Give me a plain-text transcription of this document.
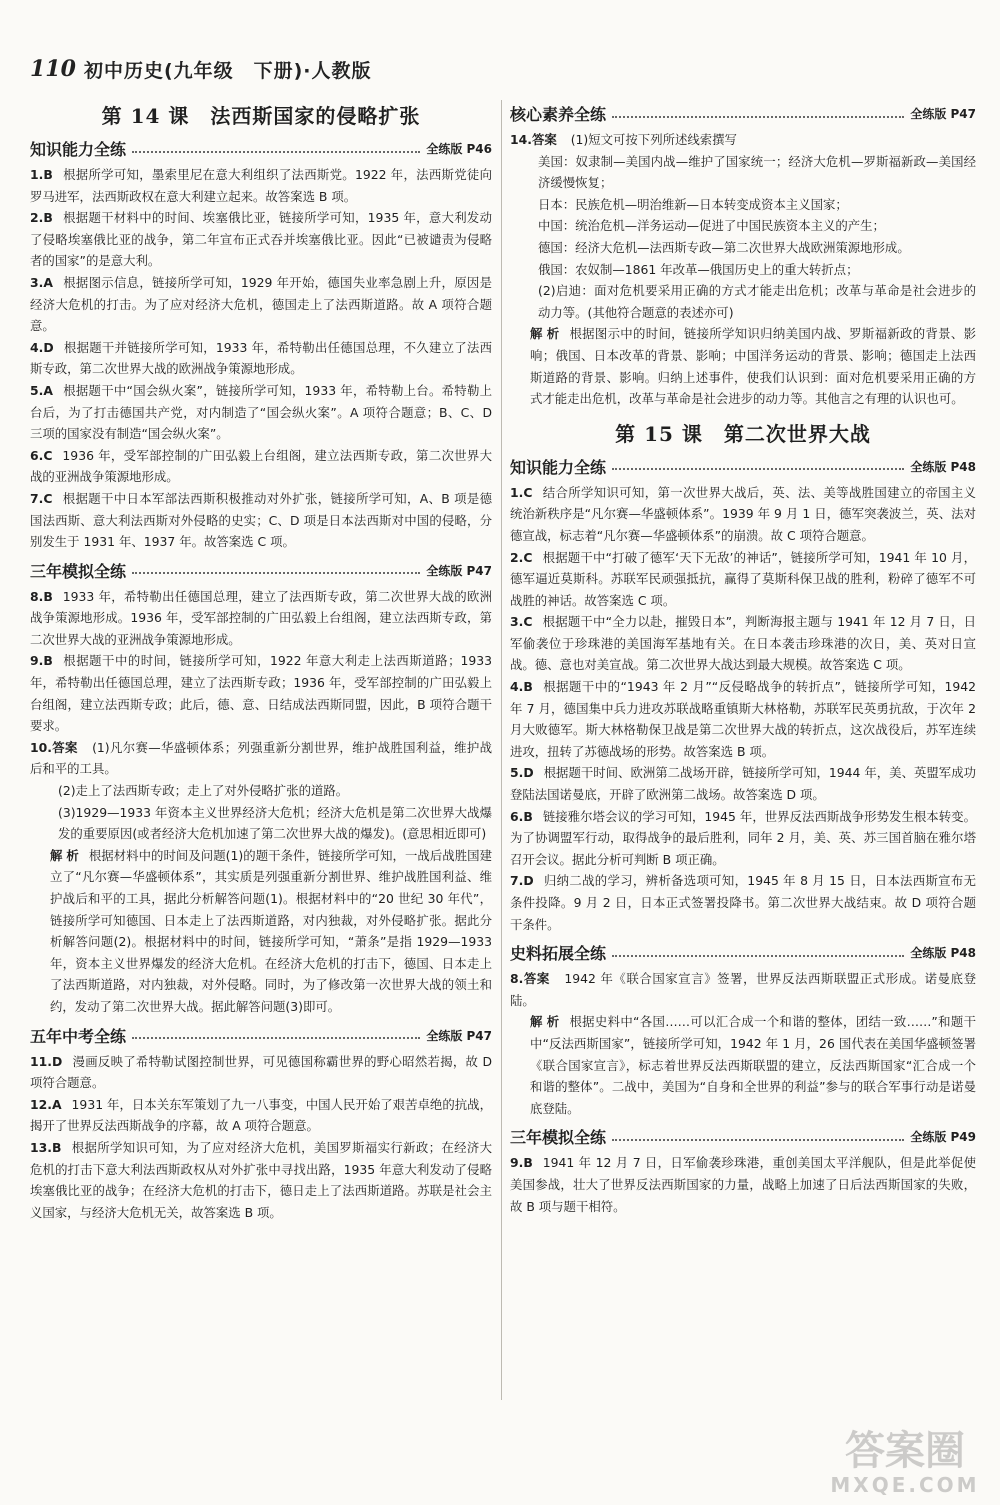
110 初中历史(九年级　下册)·人教版
第 14 课　法西斯国家的侵略扩张
知识能力全练	全练版 P46

1.B 根据所学可知，墨索里尼在意大利组织了法西斯党。1922 年，法西斯党徒向罗马进军，法西斯政权在意大利建立起来。故答案选 B 项。

2.B 根据题干材料中的时间、埃塞俄比亚，链接所学可知，1935 年，意大利发动了侵略埃塞俄比亚的战争，第二年宣布正式吞并埃塞俄比亚。因此“已被谴责为侵略者的国家”的是意大利。

3.A 根据图示信息，链接所学可知，1929 年开始，德国失业率急剧上升，原因是经济大危机的打击。为了应对经济大危机，德国走上了法西斯道路。故 A 项符合题意。

4.D 根据题干并链接所学可知，1933 年，希特勒出任德国总理，不久建立了法西斯专政，第二次世界大战的欧洲战争策源地形成。

5.A 根据题干中“国会纵火案”，链接所学可知，1933 年，希特勒上台。希特勒上台后，为了打击德国共产党，对内制造了“国会纵火案”。A 项符合题意；B、C、D 三项的国家没有制造“国会纵火案”。

6.C 1936 年，受军部控制的广田弘毅上台组阁，建立法西斯专政，第二次世界大战的亚洲战争策源地形成。

7.C 根据题干中日本军部法西斯积极推动对外扩张，链接所学可知，A、B 项是德国法西斯、意大利法西斯对外侵略的史实；C、D 项是日本法西斯对中国的侵略，分别发生于 1931 年、1937 年。故答案选 C 项。

三年模拟全练	全练版 P47

8.B 1933 年，希特勒出任德国总理，建立了法西斯专政，第二次世界大战的欧洲战争策源地形成。1936 年，受军部控制的广田弘毅上台组阁，建立法西斯专政，第二次世界大战的亚洲战争策源地形成。

9.B 根据题干中的时间，链接所学可知，1922 年意大利走上法西斯道路；1933 年，希特勒出任德国总理，建立了法西斯专政；1936 年，受军部控制的广田弘毅上台组阁，建立法西斯专政；此后，德、意、日结成法西斯同盟，因此，B 项符合题干要求。

10.答案 (1)凡尔赛—华盛顿体系；列强重新分割世界，维护战胜国利益，维护战后和平的工具。

(2)走上了法西斯专政；走上了对外侵略扩张的道路。

(3)1929—1933 年资本主义世界经济大危机；经济大危机是第二次世界大战爆发的重要原因(或者经济大危机加速了第二次世界大战的爆发)。(意思相近即可)

解析 根据材料中的时间及问题(1)的题干条件，链接所学可知，一战后战胜国建立了“凡尔赛—华盛顿体系”，其实质是列强重新分割世界、维护战胜国利益、维护战后和平的工具，据此分析解答问题(1)。根据材料中的“20 世纪 30 年代”，链接所学可知德国、日本走上了法西斯道路，对内独裁，对外侵略扩张。据此分析解答问题(2)。根据材料中的时间，链接所学可知，“萧条”是指 1929—1933 年，资本主义世界爆发的经济大危机。在经济大危机的打击下，德国、日本走上了法西斯道路，对内独裁，对外侵略。同时，为了修改第一次世界大战的领土和约，发动了第二次世界大战。据此解答问题(3)即可。

五年中考全练	全练版 P47

11.D 漫画反映了希特勒试图控制世界，可见德国称霸世界的野心昭然若揭，故 D 项符合题意。

12.A 1931 年，日本关东军策划了九一八事变，中国人民开始了艰苦卓绝的抗战，揭开了世界反法西斯战争的序幕，故 A 项符合题意。

13.B 根据所学知识可知，为了应对经济大危机，美国罗斯福实行新政；在经济大危机的打击下意大利法西斯政权从对外扩张中寻找出路，1935 年意大利发动了侵略埃塞俄比亚的战争；在经济大危机的打击下，德日走上了法西斯道路。苏联是社会主义国家，与经济大危机无关，故答案选 B 项。

核心素养全练	全练版 P47

14.答案 (1)短文可按下列所述线索撰写

美国：奴隶制—美国内战—维护了国家统一；经济大危机—罗斯福新政—美国经济缓慢恢复；

日本：民族危机—明治维新—日本转变成资本主义国家；

中国：统治危机—洋务运动—促进了中国民族资本主义的产生；

德国：经济大危机—法西斯专政—第二次世界大战欧洲策源地形成。

俄国：农奴制—1861 年改革—俄国历史上的重大转折点；

(2)启迪：面对危机要采用正确的方式才能走出危机；改革与革命是社会进步的动力等。(其他符合题意的表述亦可)

解析 根据图示中的时间，链接所学知识归纳美国内战、罗斯福新政的背景、影响；俄国、日本改革的背景、影响；中国洋务运动的背景、影响；德国走上法西斯道路的背景、影响。归纳上述事件，使我们认识到：面对危机要采用正确的方式才能走出危机，改革与革命是社会进步的动力等。其他言之有理的认识也可。

第 15 课　第二次世界大战
知识能力全练	全练版 P48

1.C 结合所学知识可知，第一次世界大战后，英、法、美等战胜国建立的帝国主义统治新秩序是“凡尔赛—华盛顿体系”。1939 年 9 月 1 日，德军突袭波兰，英、法对德宣战，标志着“凡尔赛—华盛顿体系”的崩溃。故 C 项符合题意。

2.C 根据题干中“打破了德军‘天下无敌’的神话”，链接所学可知，1941 年 10 月，德军逼近莫斯科。苏联军民顽强抵抗，赢得了莫斯科保卫战的胜利，粉碎了德军不可战胜的神话。故答案选 C 项。

3.C 根据题干中“全力以赴，摧毁日本”，判断海报主题与 1941 年 12 月 7 日，日军偷袭位于珍珠港的美国海军基地有关。在日本袭击珍珠港的次日，美、英对日宣战。德、意也对美宣战。第二次世界大战达到最大规模。故答案选 C 项。

4.B 根据题干中的“1943 年 2 月”“反侵略战争的转折点”，链接所学可知，1942 年 7 月，德国集中兵力进攻苏联战略重镇斯大林格勒，苏联军民英勇抗敌，于次年 2 月大败德军。斯大林格勒保卫战是第二次世界大战的转折点，这次战役后，苏军连续进攻，扭转了苏德战场的形势。故答案选 B 项。

5.D 根据题干时间、欧洲第二战场开辟，链接所学可知，1944 年，美、英盟军成功登陆法国诺曼底，开辟了欧洲第二战场。故答案选 D 项。

6.B 链接雅尔塔会议的学习可知，1945 年，世界反法西斯战争形势发生根本转变。为了协调盟军行动，取得战争的最后胜利，同年 2 月，美、英、苏三国首脑在雅尔塔召开会议。据此分析可判断 B 项正确。

7.D 归纳二战的学习，辨析备选项可知，1945 年 8 月 15 日，日本法西斯宣布无条件投降。9 月 2 日，日本正式签署投降书。第二次世界大战结束。故 D 项符合题干条件。

史料拓展全练	全练版 P48

8.答案 1942 年《联合国家宣言》签署，世界反法西斯联盟正式形成。诺曼底登陆。

解析 根据史料中“各国……可以汇合成一个和谐的整体，团结一致……”和题干中“反法西斯国家”，链接所学可知，1942 年 1 月，26 国代表在美国华盛顿签署《联合国家宣言》，标志着世界反法西斯联盟的建立，反法西斯国家“汇合成一个和谐的整体”。二战中，美国为“自身和全世界的利益”参与的联合军事行动是诺曼底登陆。

三年模拟全练	全练版 P49

9.B 1941 年 12 月 7 日，日军偷袭珍珠港，重创美国太平洋舰队，但是此举促使美国参战，壮大了世界反法西斯国家的力量，战略上加速了日后法西斯国家的失败，故 B 项与题干相符。

答案圈
MXQE.COM
